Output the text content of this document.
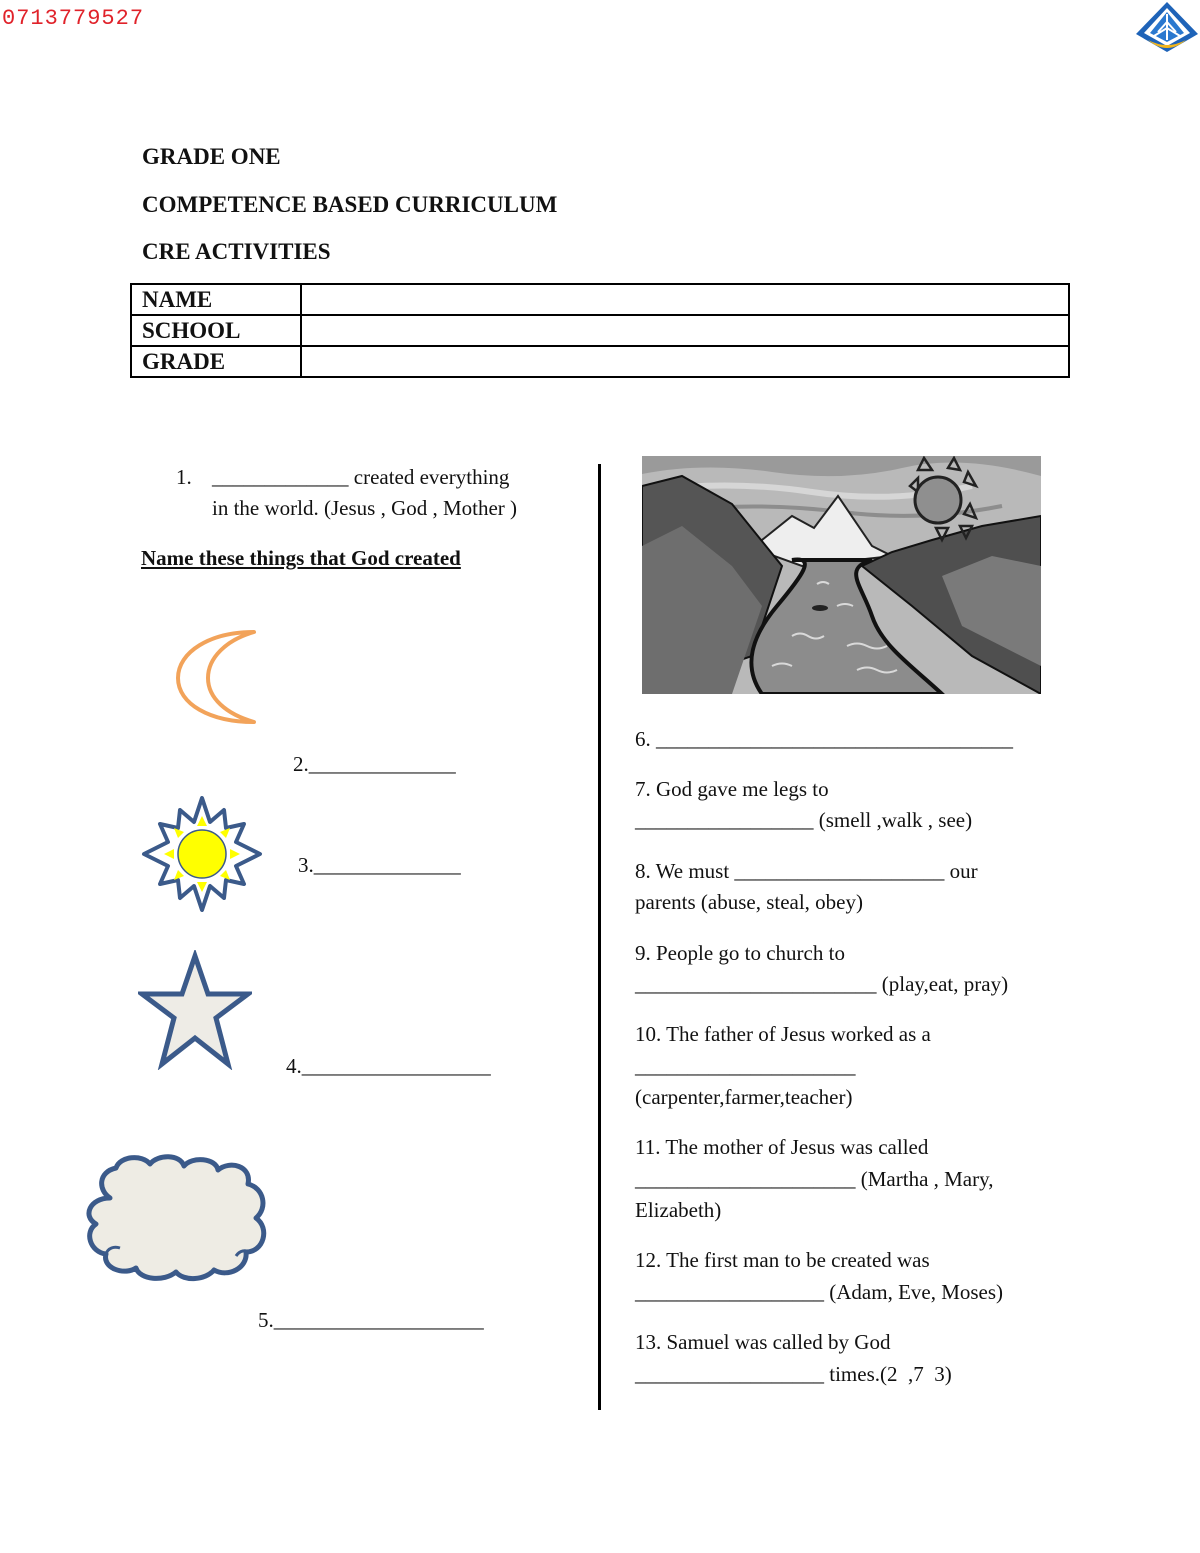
0713779527
GRADE ONE
COMPETENCE BASED CURRICULUM
CRE ACTIVITIES
NAME	
SCHOOL	
GRADE	
1. _____________ created everything
in the world. (Jesus , God , Mother )
Name these things that God created
2.______________
3.______________
4.__________________
5.____________________
6. __________________________________
7. God gave me legs to
_________________ (smell ,walk , see)
8. We must ____________________ our
parents (abuse, steal, obey)
9. People go to church to
_______________________ (play,eat, pray)
10. The father of Jesus worked as a
_____________________
(carpenter,farmer,teacher)
11. The mother of Jesus was called
_____________________ (Martha , Mary,
Elizabeth)
12. The first man to be created was
__________________ (Adam, Eve, Moses)
13. Samuel was called by God
__________________ times.(2  ,7  3)
